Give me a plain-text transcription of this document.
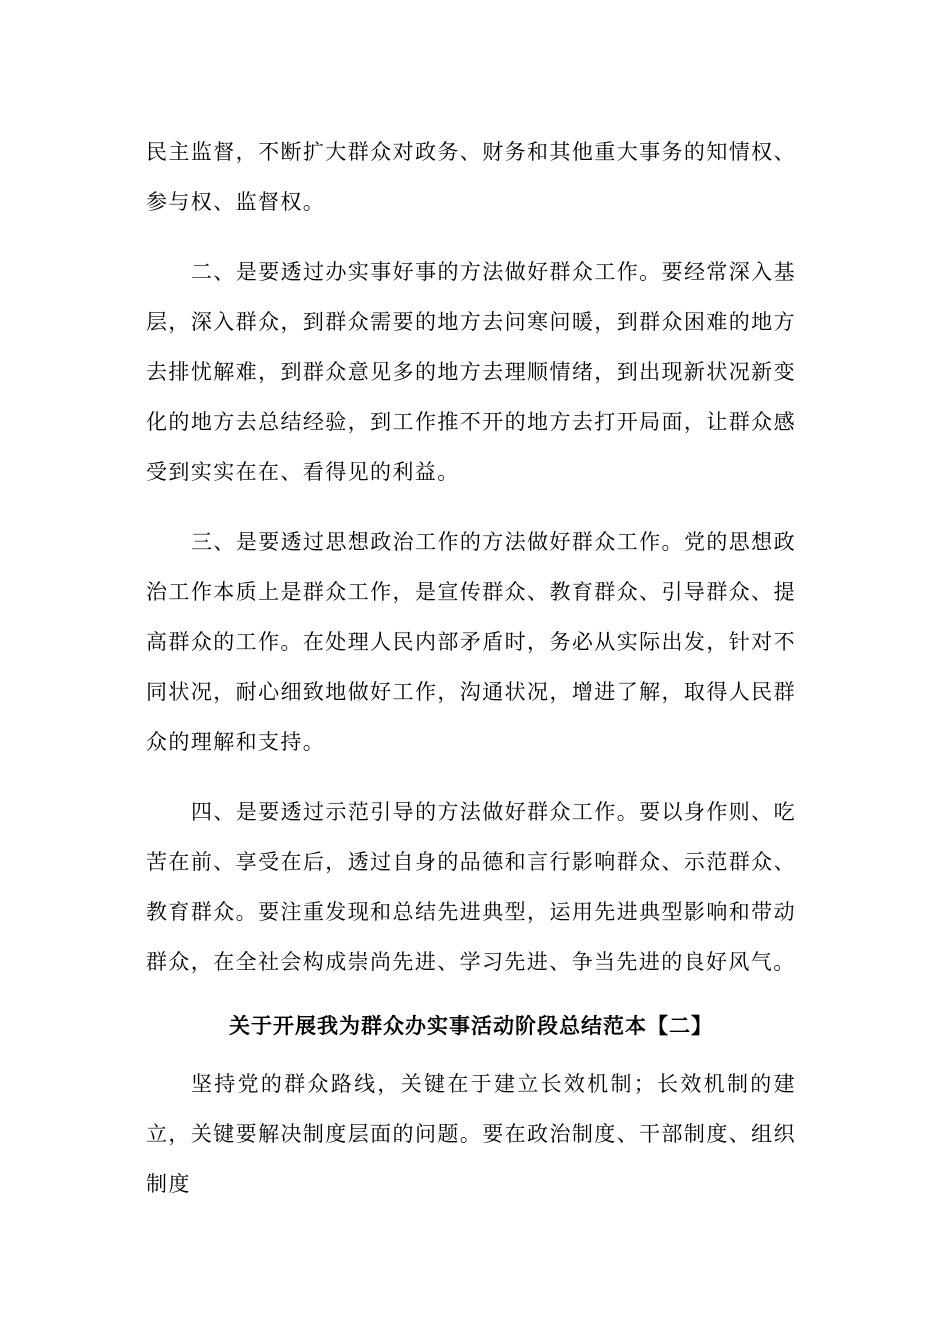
民主监督，不断扩大群众对政务、财务和其他重大事务的知情权、参与权、监督权。

二、是要透过办实事好事的方法做好群众工作。要经常深入基层，深入群众，到群众需要的地方去问寒问暖，到群众困难的地方去排忧解难，到群众意见多的地方去理顺情绪，到出现新状况新变化的地方去总结经验，到工作推不开的地方去打开局面，让群众感受到实实在在、看得见的利益。

三、是要透过思想政治工作的方法做好群众工作。党的思想政治工作本质上是群众工作，是宣传群众、教育群众、引导群众、提高群众的工作。在处理人民内部矛盾时，务必从实际出发，针对不同状况，耐心细致地做好工作，沟通状况，增进了解，取得人民群众的理解和支持。

四、是要透过示范引导的方法做好群众工作。要以身作则、吃苦在前、享受在后，透过自身的品德和言行影响群众、示范群众、教育群众。要注重发现和总结先进典型，运用先进典型影响和带动群众，在全社会构成崇尚先进、学习先进、争当先进的良好风气。

关于开展我为群众办实事活动阶段总结范本【二】

坚持党的群众路线，关键在于建立长效机制；长效机制的建立，关键要解决制度层面的问题。要在政治制度、干部制度、组织制度
